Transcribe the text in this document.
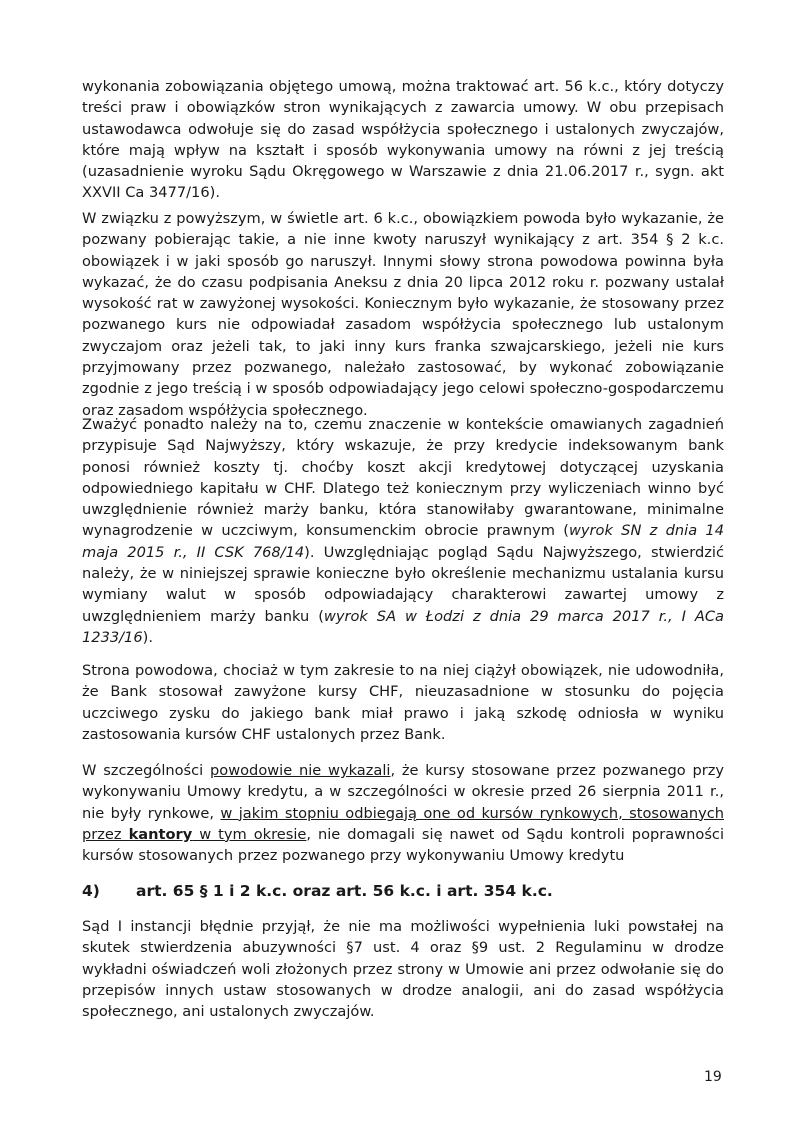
wykonania zobowiązania objętego umową, można traktować art. 56 k.c., który dotyczy treści praw i obowiązków stron wynikających z zawarcia umowy. W obu przepisach ustawodawca odwołuje się do zasad współżycia społecznego i ustalonych zwyczajów, które mają wpływ na kształt i sposób wykonywania umowy na równi z jej treścią (uzasadnienie wyroku Sądu Okręgowego w Warszawie z dnia 21.06.2017 r., sygn. akt XXVII Ca 3477/16).

W związku z powyższym, w świetle art. 6 k.c., obowiązkiem powoda było wykazanie, że pozwany pobierając takie, a nie inne kwoty naruszył wynikający z art. 354 § 2 k.c. obowiązek i w jaki sposób go naruszył. Innymi słowy strona powodowa powinna była wykazać, że do czasu podpisania Aneksu z dnia 20 lipca 2012 roku r. pozwany ustalał wysokość rat w zawyżonej wysokości. Koniecznym było wykazanie, że stosowany przez pozwanego kurs nie odpowiadał zasadom współżycia społecznego lub ustalonym zwyczajom oraz jeżeli tak, to jaki inny kurs franka szwajcarskiego, jeżeli nie kurs przyjmowany przez pozwanego, należało zastosować, by wykonać zobowiązanie zgodnie z jego treścią i w sposób odpowiadający jego celowi społeczno-gospodarczemu oraz zasadom współżycia społecznego.

Zważyć ponadto należy na to, czemu znaczenie w kontekście omawianych zagadnień przypisuje Sąd Najwyższy, który wskazuje, że przy kredycie indeksowanym bank ponosi również koszty tj. choćby koszt akcji kredytowej dotyczącej uzyskania odpowiedniego kapitału w CHF. Dlatego też koniecznym przy wyliczeniach winno być uwzględnienie również marży banku, która stanowiłaby gwarantowane, minimalne wynagrodzenie w uczciwym, konsumenckim obrocie prawnym (wyrok SN z dnia 14 maja 2015 r., II CSK 768/14). Uwzględniając pogląd Sądu Najwyższego, stwierdzić należy, że w niniejszej sprawie konieczne było określenie mechanizmu ustalania kursu wymiany walut w sposób odpowiadający charakterowi zawartej umowy z uwzględnieniem marży banku (wyrok SA w Łodzi z dnia 29 marca 2017 r., I ACa 1233/16).

Strona powodowa, chociaż w tym zakresie to na niej ciążył obowiązek, nie udowodniła, że Bank stosował zawyżone kursy CHF, nieuzasadnione w stosunku do pojęcia uczciwego zysku do jakiego bank miał prawo i jaką szkodę odniosła w wyniku zastosowania kursów CHF ustalonych przez Bank.

W szczególności powodowie nie wykazali, że kursy stosowane przez pozwanego przy wykonywaniu Umowy kredytu, a w szczególności w okresie przed 26 sierpnia 2011 r., nie były rynkowe, w jakim stopniu odbiegają one od kursów rynkowych, stosowanych przez kantory w tym okresie, nie domagali się nawet od Sądu kontroli poprawności kursów stosowanych przez pozwanego przy wykonywaniu Umowy kredytu

4) art. 65 § 1 i 2 k.c. oraz art. 56 k.c. i art. 354 k.c.

Sąd I instancji błędnie przyjął, że nie ma możliwości wypełnienia luki powstałej na skutek stwierdzenia abuzywności §7 ust. 4 oraz §9 ust. 2 Regulaminu w drodze wykładni oświadczeń woli złożonych przez strony w Umowie ani przez odwołanie się do przepisów innych ustaw stosowanych w drodze analogii, ani do zasad współżycia społecznego, ani ustalonych zwyczajów.

19
